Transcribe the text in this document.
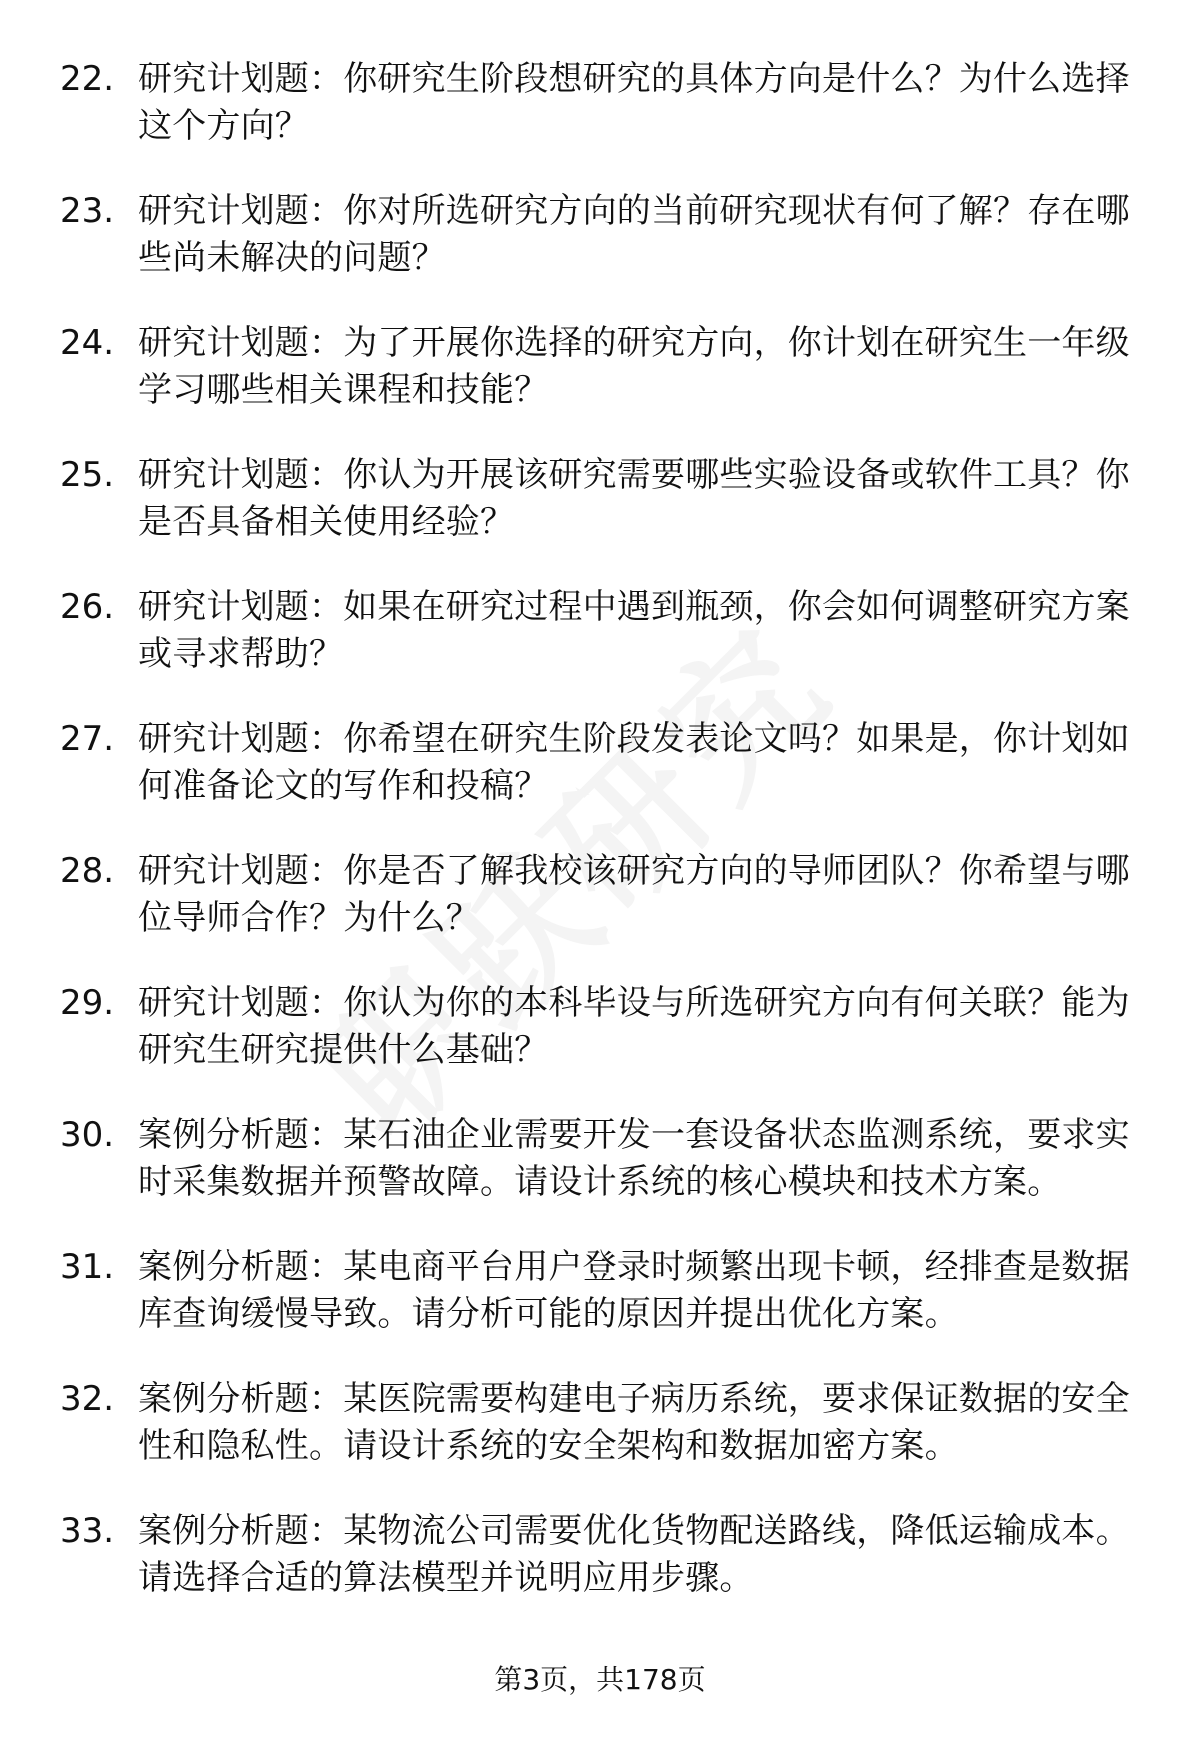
22. 研究计划题：你研究生阶段想研究的具体方向是什么？为什么选择这个方向？
23. 研究计划题：你对所选研究方向的当前研究现状有何了解？存在哪些尚未解决的问题？
24. 研究计划题：为了开展你选择的研究方向，你计划在研究生一年级学习哪些相关课程和技能？
25. 研究计划题：你认为开展该研究需要哪些实验设备或软件工具？你是否具备相关使用经验？
26. 研究计划题：如果在研究过程中遇到瓶颈，你会如何调整研究方案或寻求帮助？
27. 研究计划题：你希望在研究生阶段发表论文吗？如果是，你计划如何准备论文的写作和投稿？
28. 研究计划题：你是否了解我校该研究方向的导师团队？你希望与哪位导师合作？为什么？
29. 研究计划题：你认为你的本科毕设与所选研究方向有何关联？能为研究生研究提供什么基础？
30. 案例分析题：某石油企业需要开发一套设备状态监测系统，要求实时采集数据并预警故障。请设计系统的核心模块和技术方案。
31. 案例分析题：某电商平台用户登录时频繁出现卡顿，经排查是数据库查询缓慢导致。请分析可能的原因并提出优化方案。
32. 案例分析题：某医院需要构建电子病历系统，要求保证数据的安全性和隐私性。请设计系统的安全架构和数据加密方案。
33. 案例分析题：某物流公司需要优化货物配送路线，降低运输成本。请选择合适的算法模型并说明应用步骤。
第3页，共178页
